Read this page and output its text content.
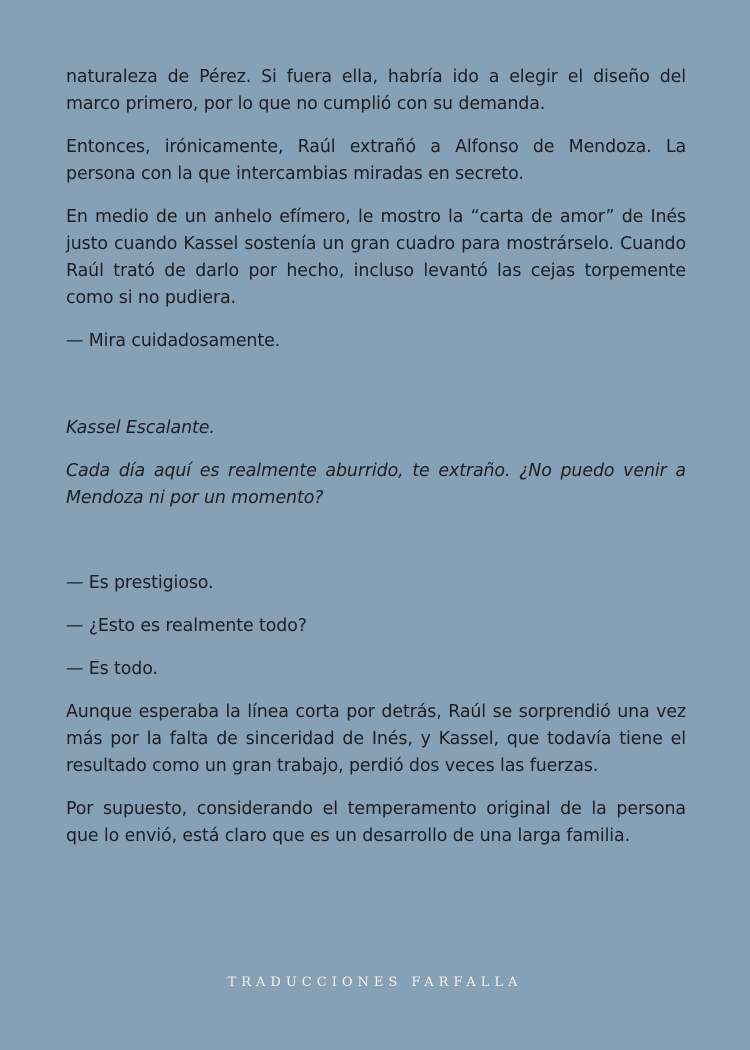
naturaleza de Pérez. Si fuera ella, habría ido a elegir el diseño del marco primero, por lo que no cumplió con su demanda.

Entonces, irónicamente, Raúl extrañó a Alfonso de Mendoza. La persona con la que intercambias miradas en secreto.

En medio de un anhelo efímero, le mostro la “carta de amor” de Inés justo cuando Kassel sostenía un gran cuadro para mostrárselo. Cuando Raúl trató de darlo por hecho, incluso levantó las cejas torpemente como si no pudiera.

— Mira cuidadosamente.

Kassel Escalante.

Cada día aquí es realmente aburrido, te extraño. ¿No puedo venir a Mendoza ni por un momento?

— Es prestigioso.

— ¿Esto es realmente todo?

— Es todo.

Aunque esperaba la línea corta por detrás, Raúl se sorprendió una vez más por la falta de sinceridad de Inés, y Kassel, que todavía tiene el resultado como un gran trabajo, perdió dos veces las fuerzas.

Por supuesto, considerando el temperamento original de la persona que lo envió, está claro que es un desarrollo de una larga familia.

TRADUCCIONES FARFALLA
